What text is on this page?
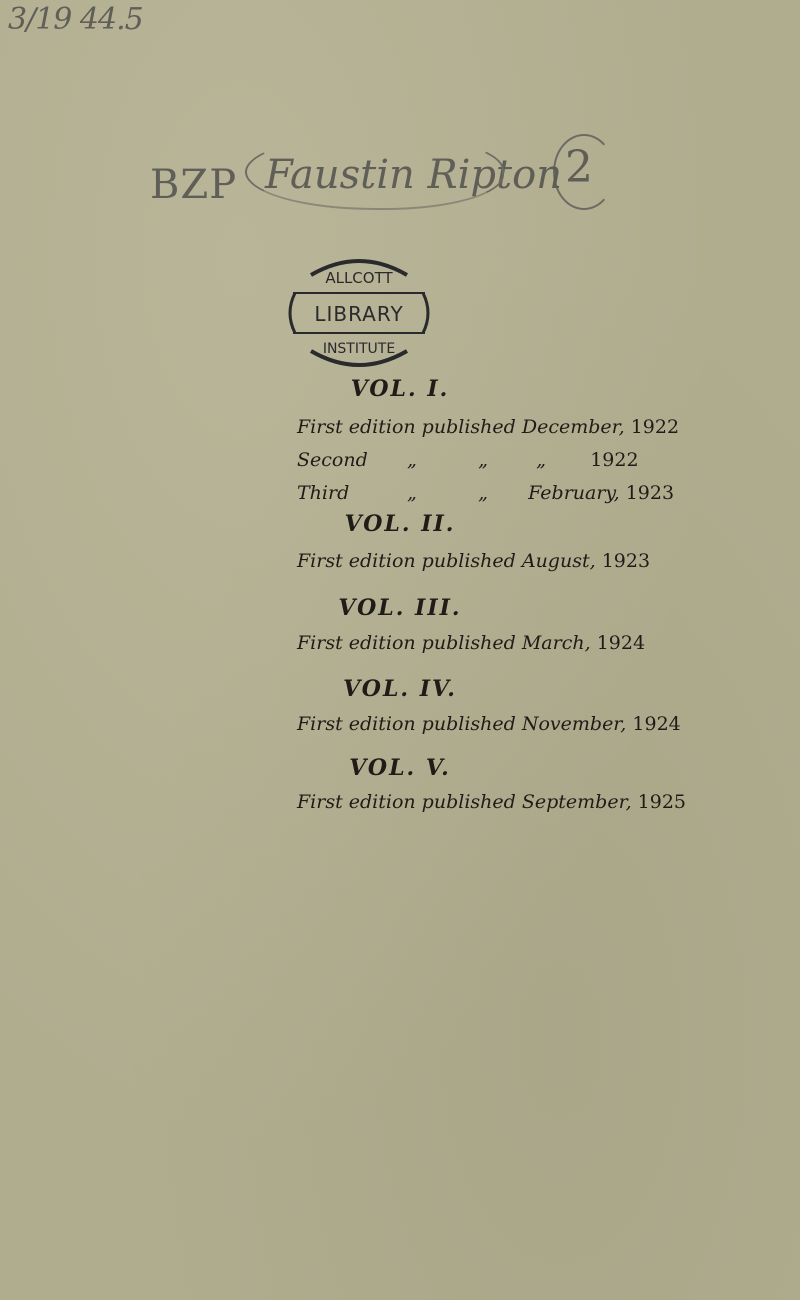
3/19 44.5
BZP Faustin Ripton 2
ALLCOTT
LIBRARY
INSTITUTE
VOL. I.
First edition published December, 1922
Second „	„	„ 1922
Third	„	„ February, 1923
VOL. II.
First edition published August, 1923
VOL. III.
First edition published March, 1924
VOL. IV.
First edition published November, 1924
VOL. V.
First edition published September, 1925
